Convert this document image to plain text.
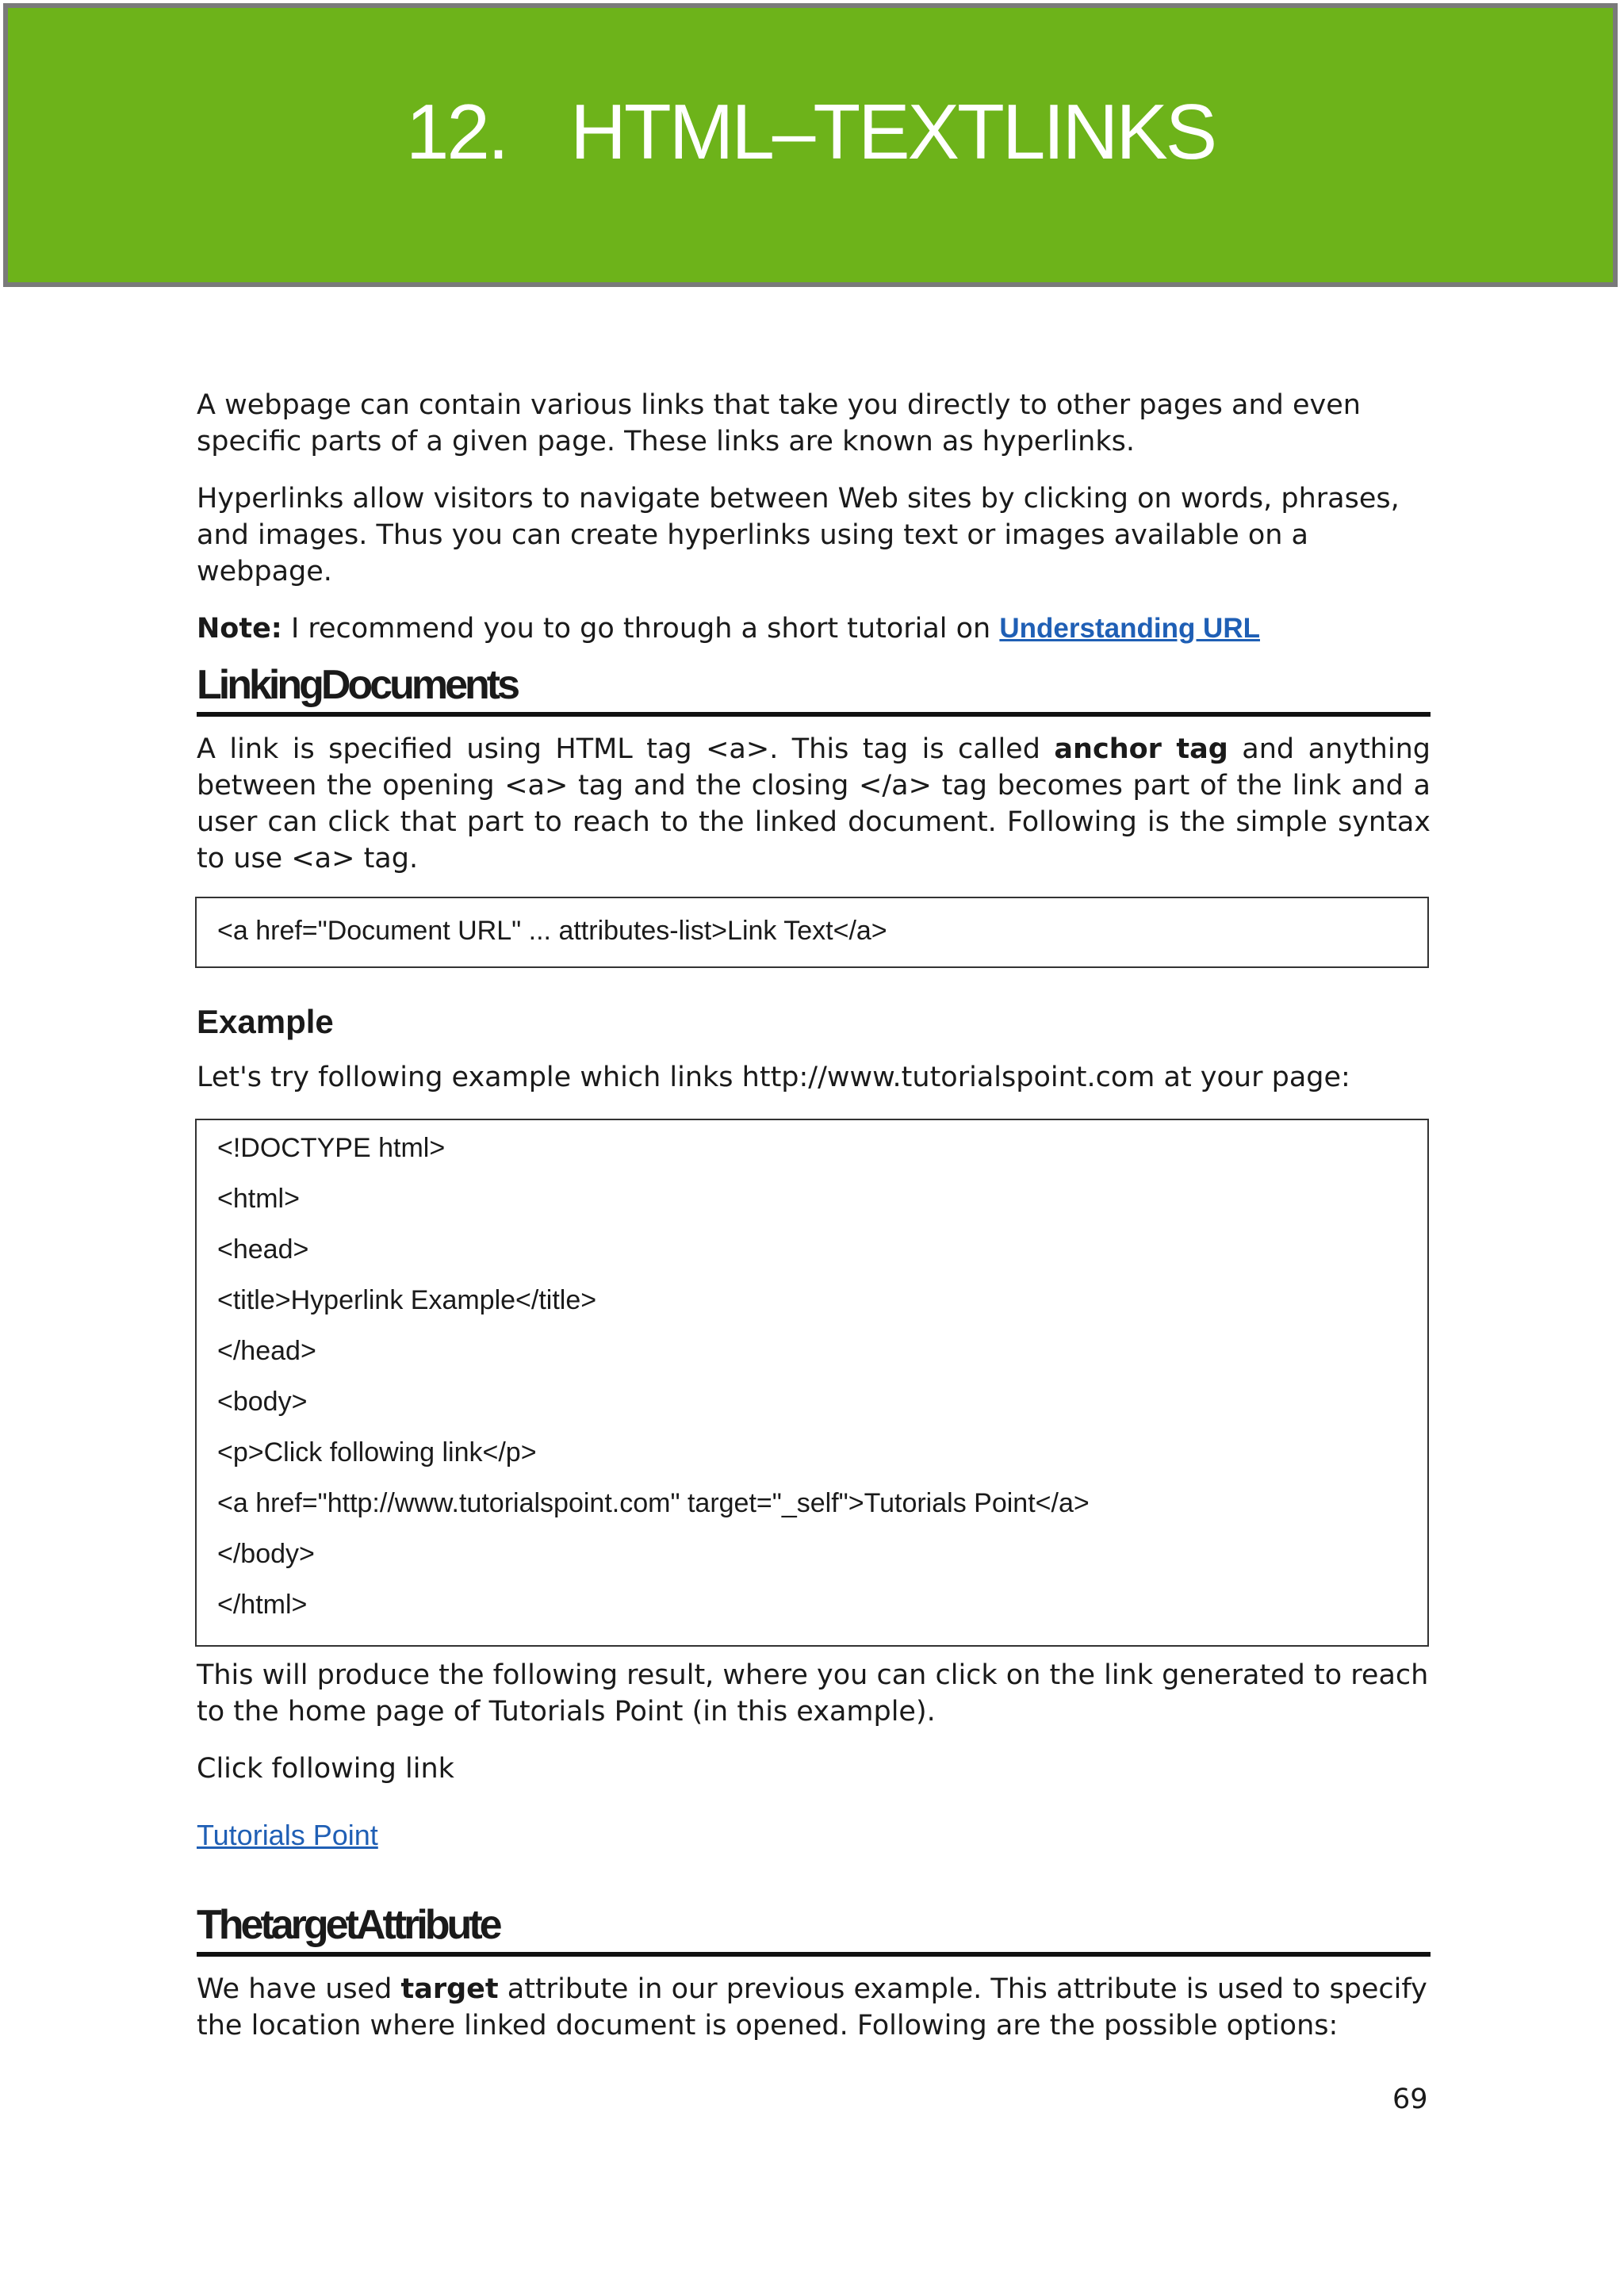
12. HTML–TEXTLINKS

A webpage can contain various links that take you directly to other pages and even specific parts of a given page. These links are known as hyperlinks.

Hyperlinks allow visitors to navigate between Web sites by clicking on words, phrases, and images. Thus you can create hyperlinks using text or images available on a webpage.

Note: I recommend you to go through a short tutorial on Understanding URL

LinkingDocuments

A link is specified using HTML tag <a>. This tag is called anchor tag and anything between the opening <a> tag and the closing </a> tag becomes part of the link and a user can click that part to reach to the linked document. Following is the simple syntax to use <a> tag.

<a href="Document URL" ... attributes-list>Link Text</a>
Example

Let's try following example which links http://www.tutorialspoint.com at your page:

<!DOCTYPE html>
<html>
<head>
<title>Hyperlink Example</title>
</head>
<body>
<p>Click following link</p>
<a href="http://www.tutorialspoint.com" target="_self">Tutorials Point</a>
</body>
</html>

This will produce the following result, where you can click on the link generated to reach to the home page of Tutorials Point (in this example).

Click following link

Tutorials Point
ThetargetAttribute

We have used target attribute in our previous example. This attribute is used to specify the location where linked document is opened. Following are the possible options:

69
